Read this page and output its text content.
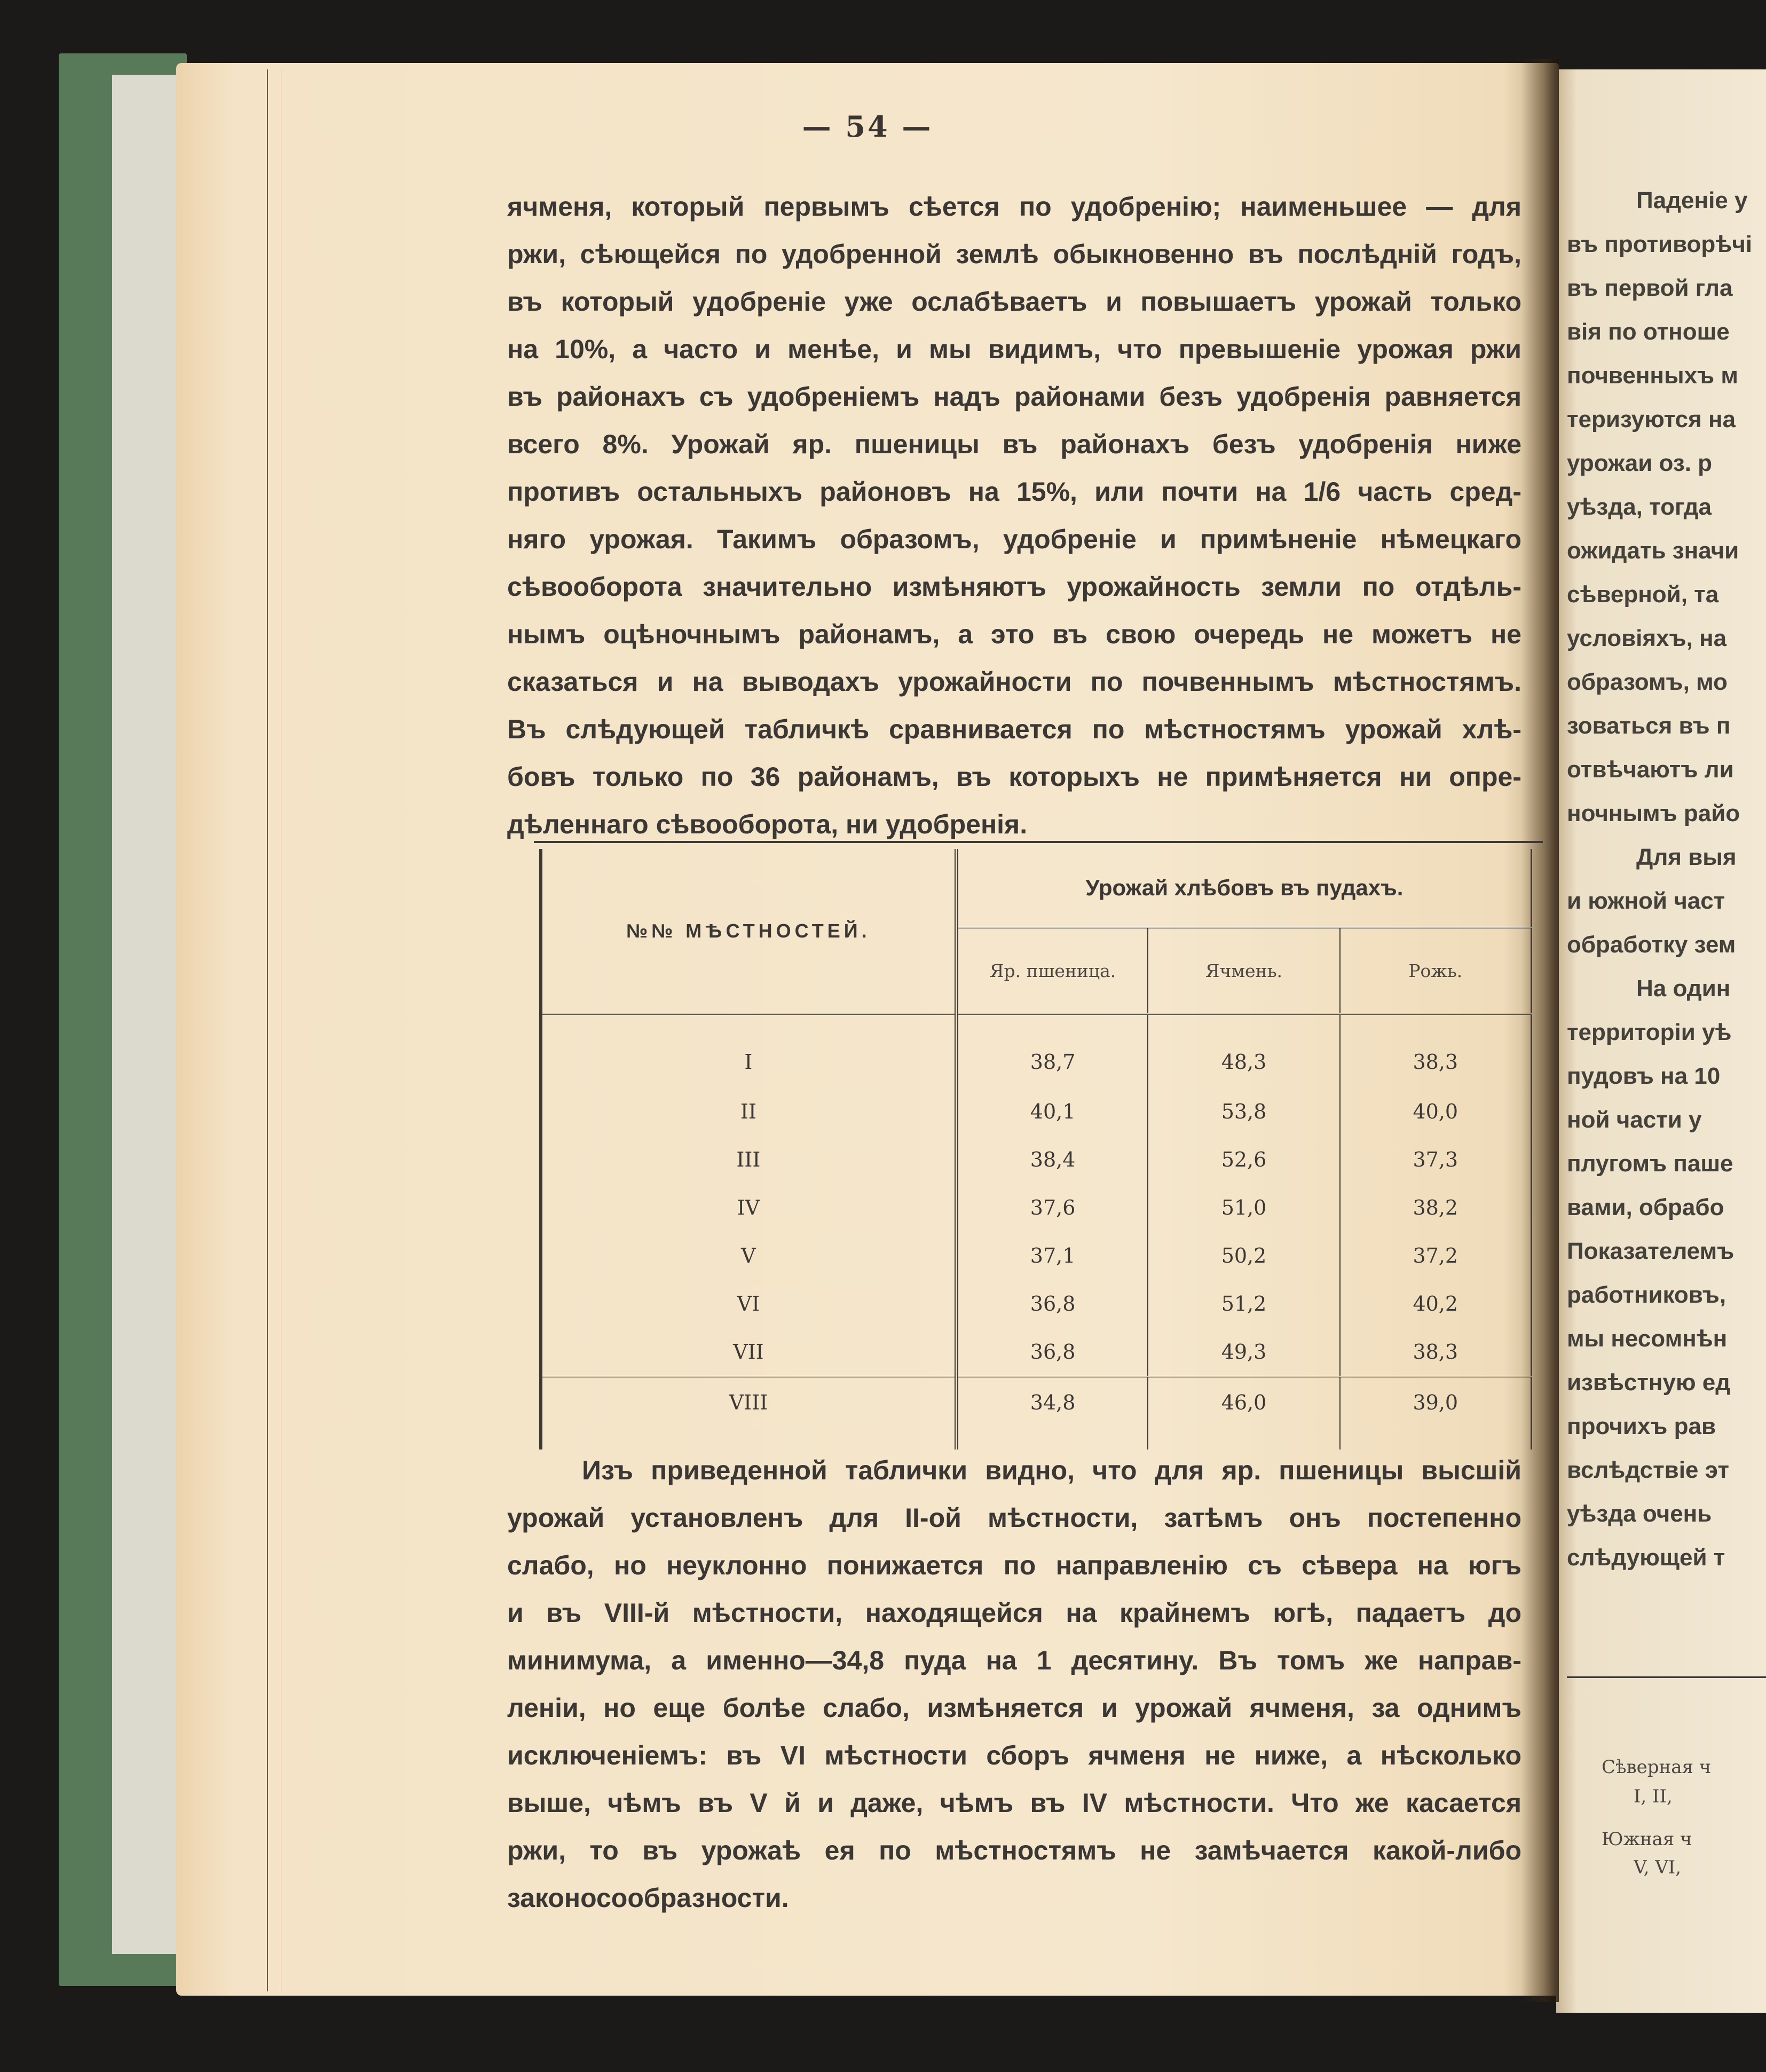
— 54 —
ячменя, который первымъ сѣется по удобренію; наименьшее — для
ржи, сѣющейся по удобренной землѣ обыкновенно въ послѣдній годъ,
въ который удобреніе уже ослабѣваетъ и повышаетъ урожай только
на 10%, а часто и менѣе, и мы видимъ, что превышеніе урожая ржи
въ районахъ съ удобреніемъ надъ районами безъ удобренія равняется
всего 8%. Урожай яр. пшеницы въ районахъ безъ удобренія ниже
противъ остальныхъ районовъ на 15%, или почти на 1/6 часть сред-
няго урожая. Такимъ образомъ, удобреніе и примѣненіе нѣмецкаго
сѣвооборота значительно измѣняютъ урожайность земли по отдѣль-
нымъ оцѣночнымъ районамъ, а это въ свою очередь не можетъ не
сказаться и на выводахъ урожайности по почвеннымъ мѣстностямъ.
Въ слѣдующей табличкѣ сравнивается по мѣстностямъ урожай хлѣ-
бовъ только по 36 районамъ, въ которыхъ не примѣняется ни опре-
дѣленнаго сѣвооборота, ни удобренія.
№№ МѢСТНОСТЕЙ.	Урожай хлѣбовъ въ пудахъ.		
	Яр. пшеница.	Ячмень.	Рожь.
I	38,7	48,3	38,3
II	40,1	53,8	40,0
III	38,4	52,6	37,3
IV	37,6	51,0	38,2
V	37,1	50,2	37,2
VI	36,8	51,2	40,2
VII	36,8	49,3	38,3
VIII	34,8	46,0	39,0
Изъ приведенной таблички видно, что для яр. пшеницы высшій
урожай установленъ для II-ой мѣстности, затѣмъ онъ постепенно
слабо, но неуклонно понижается по направленію съ сѣвера на югъ
и въ VIII-й мѣстности, находящейся на крайнемъ югѣ, падаетъ до
минимума, а именно—34,8 пуда на 1 десятину. Въ томъ же направ-
леніи, но еще болѣе слабо, измѣняется и урожай ячменя, за однимъ
исключеніемъ: въ VI мѣстности сборъ ячменя не ниже, а нѣсколько
выше, чѣмъ въ V й и даже, чѣмъ въ IV мѣстности. Что же касается
ржи, то въ урожаѣ ея по мѣстностямъ не замѣчается какой-либо
законосообразности.
Паденіе у
въ противорѣчі
въ первой гла
вія по отноше
почвенныхъ м
теризуются на
урожаи оз. р
уѣзда, тогда
ожидать значи
сѣверной, та
условіяхъ, на
образомъ, мо
зоваться въ п
отвѣчаютъ ли
ночнымъ райо
Для выя
и южной част
обработку зем
На один
территоріи уѣ
пудовъ на 10
ной части у
плугомъ паше
вами, обрабо
Показателемъ
работниковъ,
мы несомнѣн
извѣстную ед
прочихъ рав
вслѣдствіе эт
уѣзда очень
слѣдующей т
Сѣверная ч
I, II,
Южная ч
V, VI,
